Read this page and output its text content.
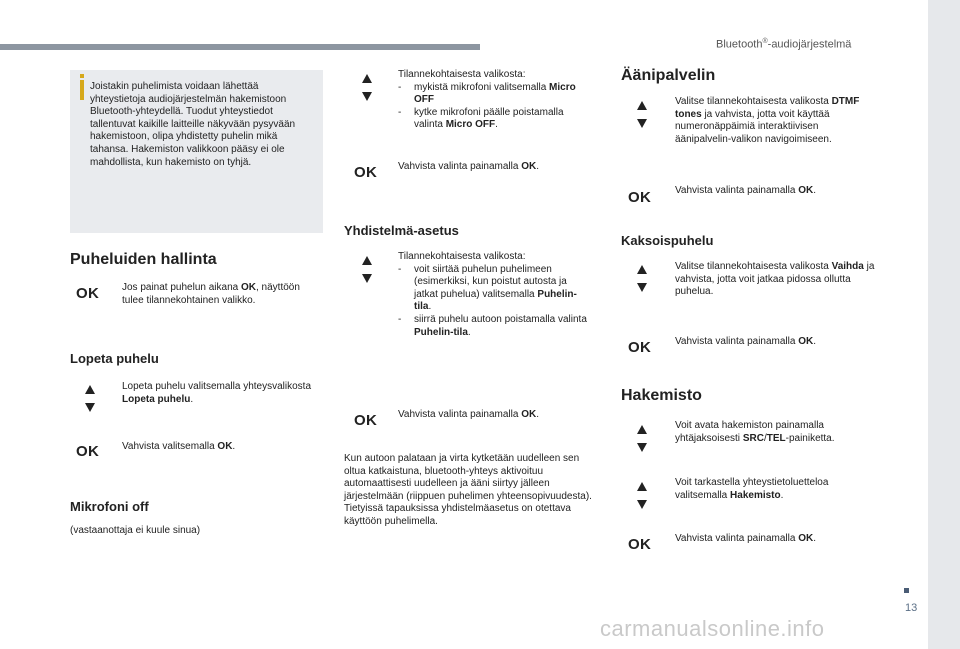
Bluetooth®-audiojärjestelmä
13
carmanualsonline.info
Joistakin puhelimista voidaan lähettää yhteystietoja audiojärjestelmän hakemistoon Bluetooth-yhteydellä. Tuodut yhteystiedot tallentuvat kaikille laitteille näkyvään pysyvään hakemistoon, olipa yhdistetty puhelin mikä tahansa. Hakemiston valikkoon pääsy ei ole mahdollista, kun hakemisto on tyhjä.
Puheluiden hallinta
OK Jos painat puhelun aikana OK, näyttöön tulee tilannekohtainen valikko.
Lopeta puhelu
Lopeta puhelu valitsemalla yhteysvalikosta Lopeta puhelu.
OK Vahvista valitsemalla OK.
Mikrofoni off
(vastaanottaja ei kuule sinua)
Tilannekohtaisesta valikosta:
- mykistä mikrofoni valitsemalla Micro OFF
- kytke mikrofoni päälle poistamalla valinta Micro OFF.
OK Vahvista valinta painamalla OK.
Yhdistelmä-asetus
Tilannekohtaisesta valikosta:
- voit siirtää puhelun puhelimeen (esimerkiksi, kun poistut autosta ja jatkat puhelua) valitsemalla Puhelin-tila.
- siirrä puhelu autoon poistamalla valinta Puhelin-tila.
OK Vahvista valinta painamalla OK.
Kun autoon palataan ja virta kytketään uudelleen sen oltua katkaistuna, bluetooth-yhteys aktivoituu automaattisesti uudelleen ja ääni siirtyy jälleen järjestelmään (riippuen puhelimen yhteensopivuudesta). Tietyissä tapauksissa yhdistelmäasetus on otettava käyttöön puhelimella.
Äänipalvelin
Valitse tilannekohtaisesta valikosta DTMF tones ja vahvista, jotta voit käyttää numeronäppäimiä interaktiivisen äänipalvelin-valikon navigoimiseen.
OK Vahvista valinta painamalla OK.
Kaksoispuhelu
Valitse tilannekohtaisesta valikosta Vaihda ja vahvista, jotta voit jatkaa pidossa ollutta puhelua.
OK Vahvista valinta painamalla OK.
Hakemisto
Voit avata hakemiston painamalla yhtäjaksoisesti SRC/TEL-painiketta.
Voit tarkastella yhteystietoluetteloa valitsemalla Hakemisto.
OK Vahvista valinta painamalla OK.
